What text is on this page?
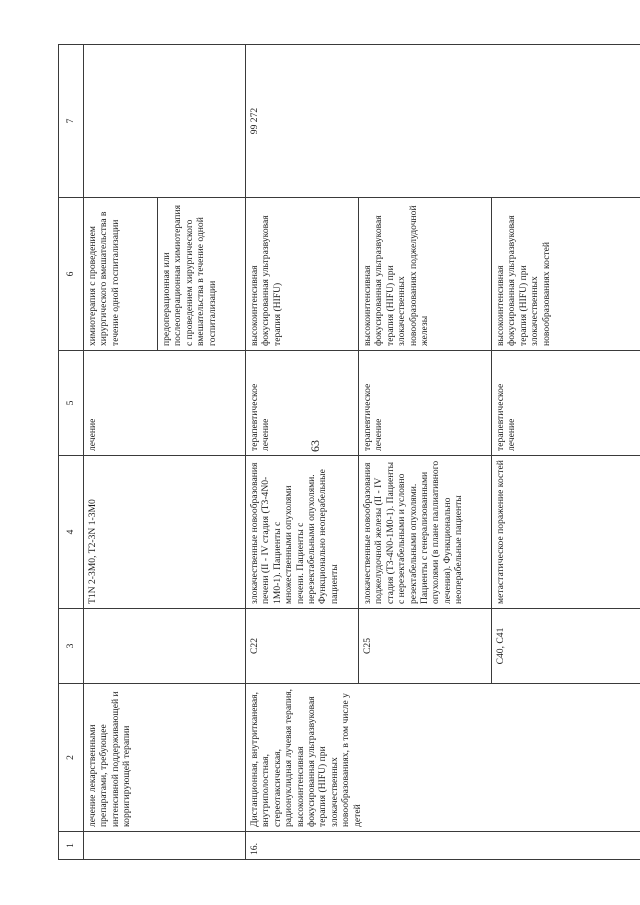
63
1	2	3	4	5	6	7
	лечение лекарственными препаратами, требующее интенсивной поддерживающей и корригирующей терапии		T1N 2-3M0, T2-3N 1-3M0	лечение	химиотерапия с проведением хирургического вмешательства в течение одной госпитализации	
					предоперационная или послеоперационная химиотерапия с проведением хирургического вмешательства в течение одной госпитализации	
16.	Дистанционная, внутритканевая, внутриполостная, стереотаксическая, радионуклидная лучевая терапия, высокоинтенсивная фокусированная ультразвуковая терапия (HIFU) при злокачественных новообразованиях, в том числе у детей	C22	злокачественные новообразования печени (II - IV стадия (T3-4N0-1M0-1). Пациенты с множественными опухолями печени. Пациенты с нерезектабельными опухолями. Функционально неоперабельные пациенты	терапевтическое лечение	высокоинтенсивная фокусированная ультразвуковая терапия (HIFU)	99 272
		C25	злокачественные новообразования поджелудочной железы (II - IV стадия (T3-4N0-1M0-1). Пациенты с нерезектабельными и условно резектабельными опухолями. Пациенты с генерализованными опухолями (в плане паллиативного лечения). Функционально неоперабельные пациенты	терапевтическое лечение	высокоинтенсивная фокусированная ультразвуковая терапия (HIFU) при злокачественных новообразованиях поджелудочной железы	
		C40, C41	метастатическое поражение костей	терапевтическое лечение	высокоинтенсивная фокусированная ультразвуковая терапия (HIFU) при злокачественных новообразованиях костей	
